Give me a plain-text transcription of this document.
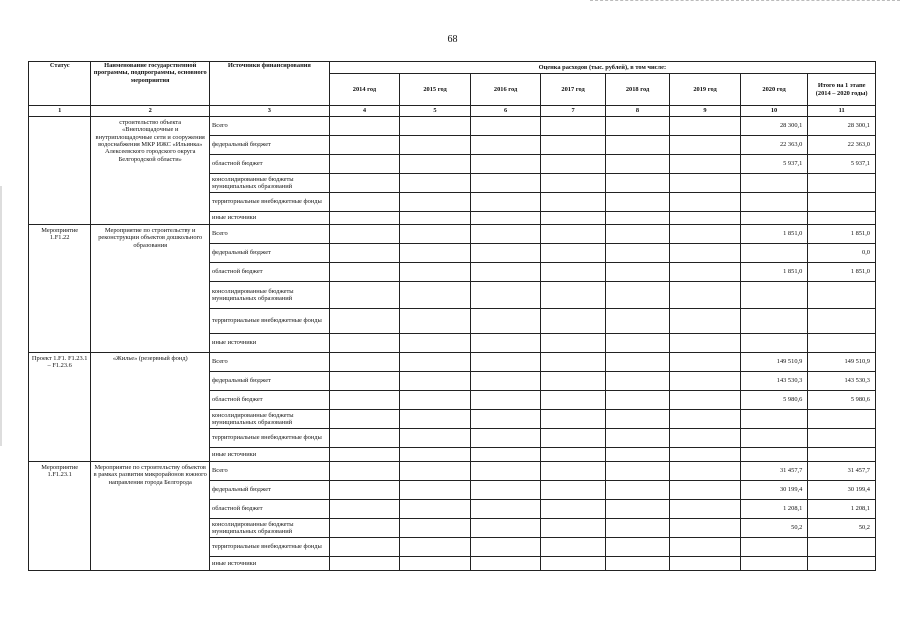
68
Статус	Наименование государственной программы, подпрограммы, основного мероприятия	Источники финансирования	Оценка расходов (тыс. рублей), в том числе:							
			2014 год	2015 год	2016 год	2017 год	2018 год	2019 год	2020 год	Итого на 1 этапе (2014 – 2020 годы)
1	2	3	4	5	6	7	8	9	10	11
	строительство объекта «Внеплощадочные и внутриплощадочные сети и сооружения водоснабжения МКР ИЖС «Ильинка» Алексеевского городского округа Белгородской области»	Всего							28 300,1	28 300,1
		федеральный бюджет							22 363,0	22 363,0
		областной бюджет							5 937,1	5 937,1
		консолидированные бюджеты муниципальных образований								
		территориальные внебюджетные фонды								
		иные источники								
Мероприятие 1.F1.22	Мероприятие по строительству и реконструкции объектов дошкольного образования	Всего							1 851,0	1 851,0
		федеральный бюджет								0,0
		областной бюджет							1 851,0	1 851,0
		консолидированные бюджеты муниципальных образований								
		территориальные внебюджетные фонды								
		иные источники								
Проект 1.F1. F1.23.1 – F1.23.6	«Жилье» (резервный фонд)	Всего							149 510,9	149 510,9
		федеральный бюджет							143 530,3	143 530,3
		областной бюджет							5 980,6	5 980,6
		консолидированные бюджеты муниципальных образований								
		территориальные внебюджетные фонды								
		иные источники								
Мероприятие 1.F1.23.1	Мероприятие по строительству объектов в рамках развития микрорайонов южного направления города Белгорода	Всего							31 457,7	31 457,7
		федеральный бюджет							30 199,4	30 199,4
		областной бюджет							1 208,1	1 208,1
		консолидированные бюджеты муниципальных образований							50,2	50,2
		территориальные внебюджетные фонды								
		иные источники								
